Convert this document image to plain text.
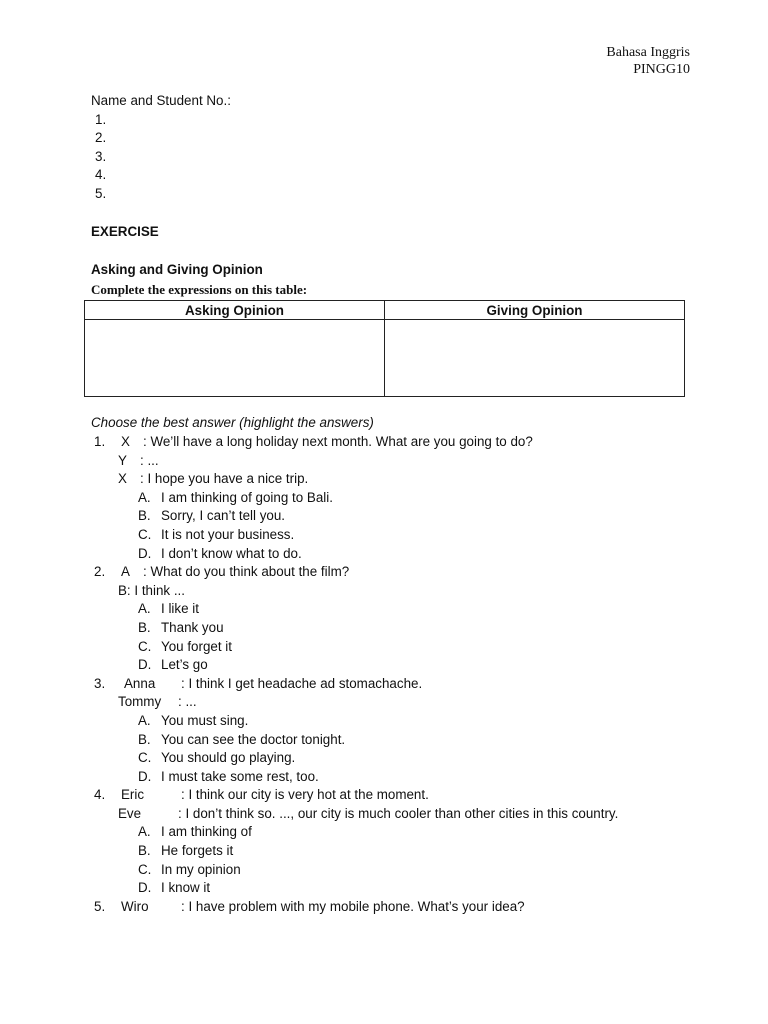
Bahasa Inggris
PINGG10
Name and Student No.:
1.
2.
3.
4.
5.
EXERCISE
Asking and Giving Opinion
Complete the expressions on this table:
Asking Opinion	Giving Opinion

Choose the best answer (highlight the answers)
1. X : We’ll have a long holiday next month. What are you going to do?
Y : ...
X : I hope you have a nice trip.
A. I am thinking of going to Bali.
B. Sorry, I can’t tell you.
C. It is not your business.
D. I don’t know what to do.
2. A : What do you think about the film?
B: I think ...
A. I like it
B. Thank you
C. You forget it
D. Let’s go
3. Anna : I think I get headache ad stomachache.
Tommy : ...
A. You must sing.
B. You can see the doctor tonight.
C. You should go playing.
D. I must take some rest, too.
4. Eric	: I think our city is very hot at the moment.
Eve	: I don’t think so. ..., our city is much cooler than other cities in this country.
A. I am thinking of
B. He forgets it
C. In my opinion
D. I know it
5. Wiro : I have problem with my mobile phone. What’s your idea?
